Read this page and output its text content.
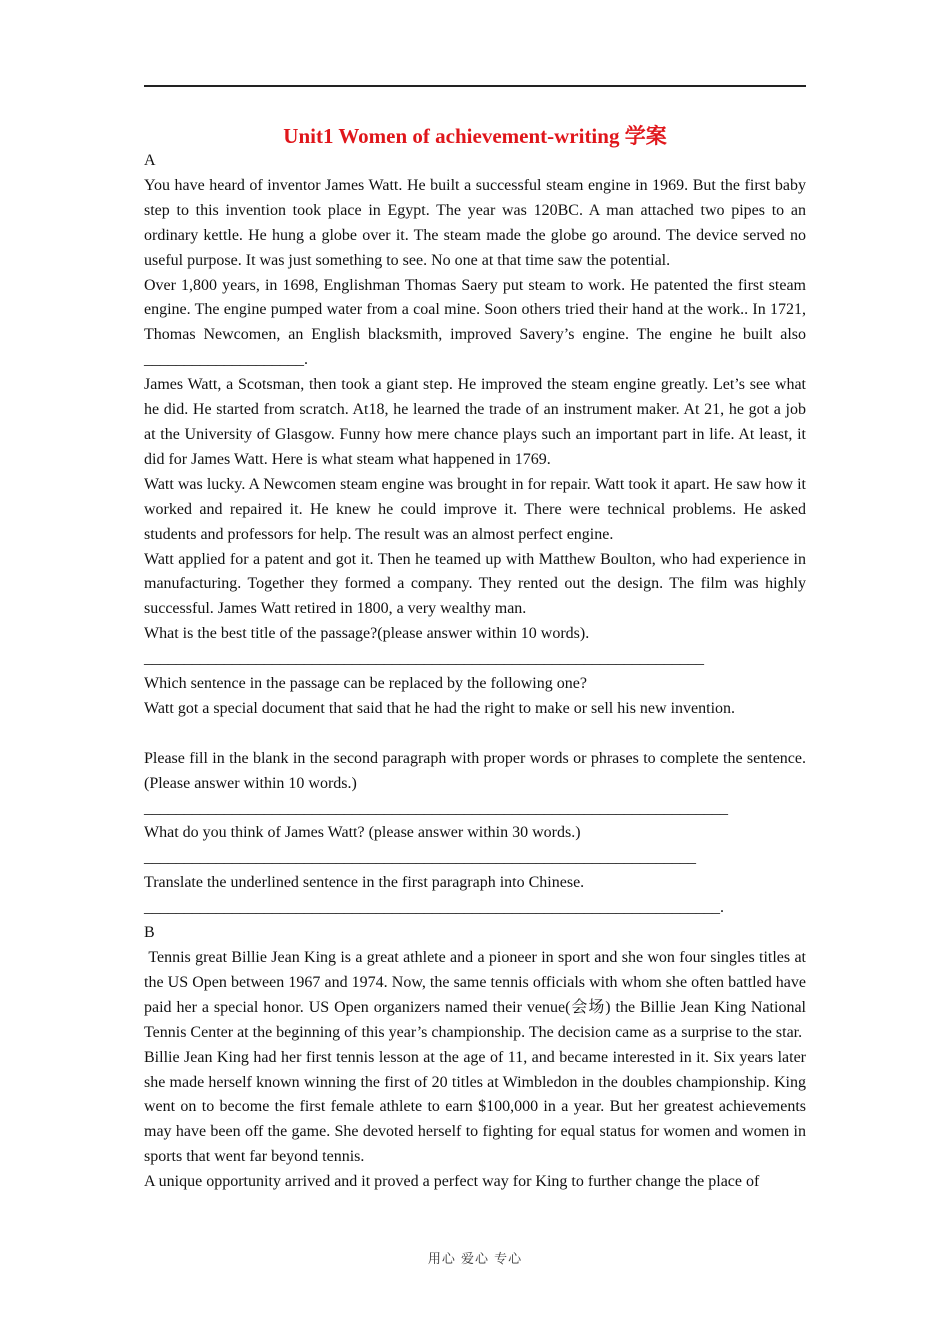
Unit1 Women of achievement-writing 学案

A

You have heard of inventor James Watt. He built a successful steam engine in 1969. But the first baby step to this invention took place in Egypt. The year was 120BC. A man attached two pipes to an ordinary kettle. He hung a globe over it. The steam made the globe go around. The device served no useful purpose. It was just something to see. No one at that time saw the potential.

Over 1,800 years, in 1698, Englishman Thomas Saery put steam to work. He patented the first steam engine. The engine pumped water from a coal mine. Soon others tried their hand at the work.. In 1721, Thomas Newcomen, an English blacksmith, improved Savery’s engine. The engine he built also ____________________.

James Watt, a Scotsman, then took a giant step. He improved the steam engine greatly. Let’s see what he did. He started from scratch. At18, he learned the trade of an instrument maker. At 21, he got a job at the University of Glasgow. Funny how mere chance plays such an important part in life. At least, it did for James Watt. Here is what steam what happened in 1769.

Watt was lucky. A Newcomen steam engine was brought in for repair. Watt took it apart. He saw how it worked and repaired it. He knew he could improve it. There were technical problems. He asked students and professors for help. The result was an almost perfect engine.

Watt applied for a patent and got it. Then he teamed up with Matthew Boulton, who had experience in manufacturing. Together they formed a company. They rented out the design. The film was highly successful. James Watt retired in 1800, a very wealthy man.

What is the best title of the passage?(please answer within 10 words).

______________________________________________________________________

Which sentence in the passage can be replaced by the following one?

Watt got a special document that said that he had the right to make or sell his new invention.

Please fill in the blank in the second paragraph with proper words or phrases to complete the sentence. (Please answer within 10 words.)

_________________________________________________________________________

What do you think of James Watt? (please answer within 30 words.)

_____________________________________________________________________

Translate the underlined sentence in the first paragraph into Chinese.

________________________________________________________________________.

B

Tennis great Billie Jean King is a great athlete and a pioneer in sport and she won four singles titles at the US Open between 1967 and 1974. Now, the same tennis officials with whom she often battled have paid her a special honor. US Open organizers named their venue(会场) the Billie Jean King National Tennis Center at the beginning of this year’s championship. The decision came as a surprise to the star.

Billie Jean King had her first tennis lesson at the age of 11, and became interested in it. Six years later she made herself known winning the first of 20 titles at Wimbledon in the doubles championship. King went on to become the first female athlete to earn $100,000 in a year. But her greatest achievements may have been off the game. She devoted herself to fighting for equal status for women and women in sports that went far beyond tennis.

A unique opportunity arrived and it proved a perfect way for King to further change the place of

用心 爱心 专心
